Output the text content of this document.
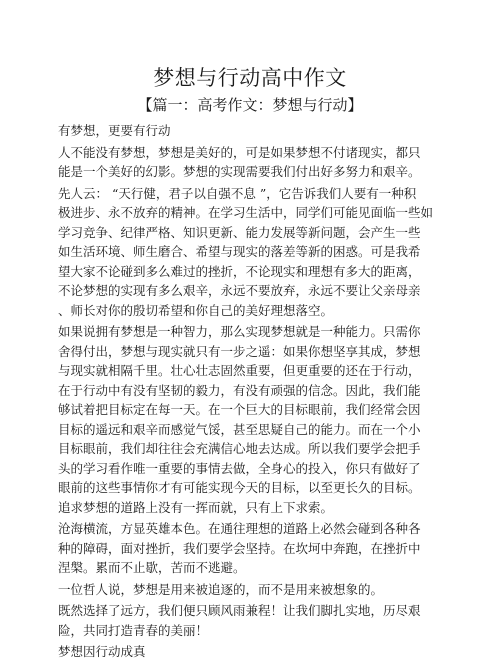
梦想与行动高中作文
【篇一：高考作文：梦想与行动】

有梦想，更要有行动

人不能没有梦想，梦想是美好的，可是如果梦想不付诸现实，都只
能是一个美好的幻影。梦想的实现需要我们付出好多努力和艰辛。

先人云： “天行健，君子以自强不息 ”，它告诉我们人要有一种积
极进步、永不放弃的精神。在学习生活中，同学们可能见面临一些如
学习竞争、纪律严格、知识更新、能力发展等新问题，会产生一些
如生活环境、师生磨合、希望与现实的落差等新的困惑。可是我希
望大家不论碰到多么难过的挫折，不论现实和理想有多大的距离，
不论梦想的实现有多么艰辛，永远不要放弃，永远不要让父亲母亲
、师长对你的殷切希望和你自己的美好理想落空。

如果说拥有梦想是一种智力，那么实现梦想就是一种能力。只需你
舍得付出，梦想与现实就只有一步之遥：如果你想坚享其成，梦想
与现实就相隔千里。壮心壮志固然重要，但更重要的还在于行动，
在于行动中有没有坚韧的毅力，有没有顽强的信念。因此，我们能
够试着把目标定在每一天。在一个巨大的目标眼前，我们经常会因
目标的遥远和艰辛而感觉气馁，甚至思疑自己的能力。而在一个小
目标眼前，我们却往往会充满信心地去达成。所以我们要学会把手
头的学习看作唯一重要的事情去做，全身心的投入，你只有做好了
眼前的这些事情你才有可能实现今天的目标，以至更长久的目标。
追求梦想的道路上没有一挥而就，只有上下求索。

沧海横流，方显英雄本色。在通往理想的道路上必然会碰到各种各
种的障碍，面对挫折，我们要学会坚持。在坎坷中奔跑，在挫折中
涅槃。累而不止歇，苦而不逃避。

一位哲人说，梦想是用来被追逐的，而不是用来被想象的。

既然选择了远方，我们便只顾风雨兼程！让我们脚扎实地，历尽艰
险，共同打造青春的美丽！

梦想因行动成真
